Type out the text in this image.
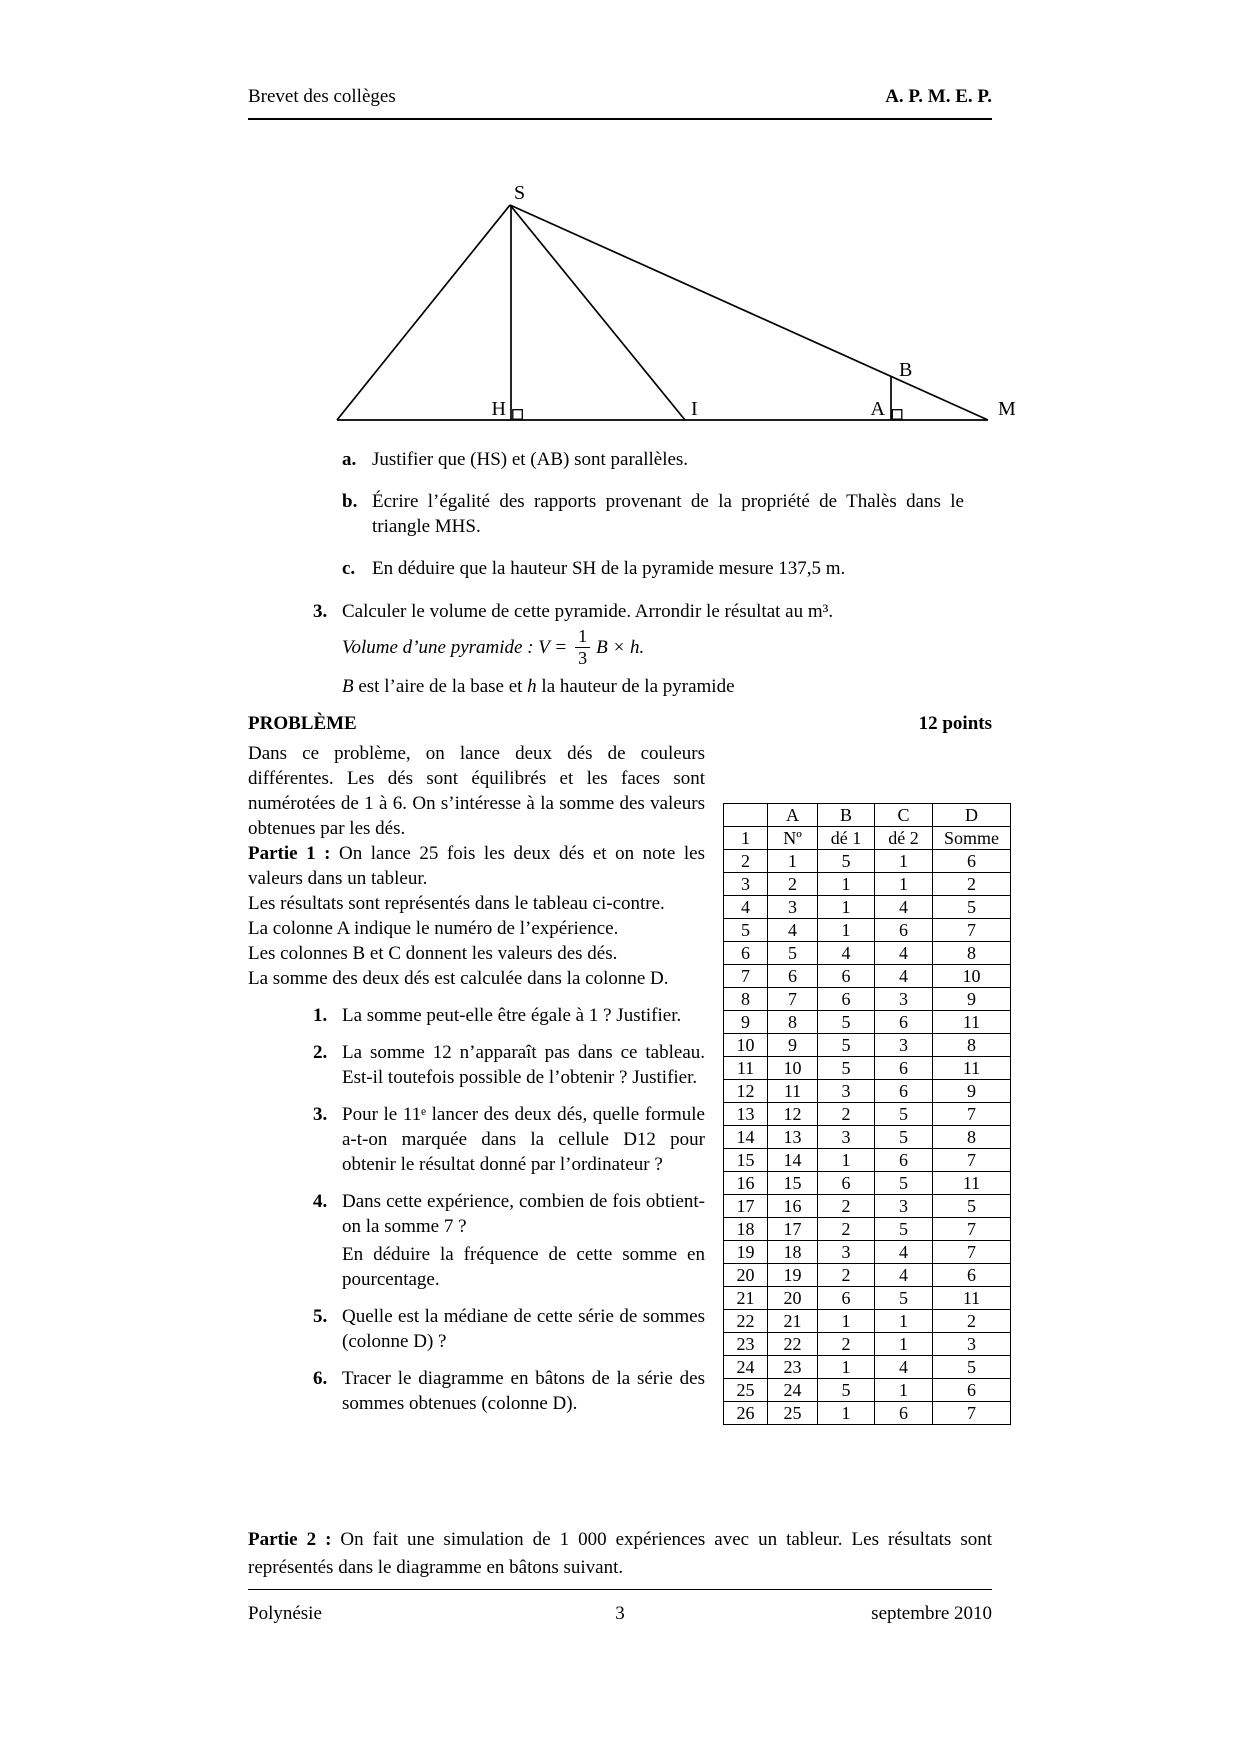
Brevet des collèges	A. P. M. E. P.
S
H	I	A
B
M
a. Justifier que (HS) et (AB) sont parallèles.
b. Écrire l’égalité des rapports provenant de la propriété de Thalès dans le triangle MHS.
c. En déduire que la hauteur SH de la pyramide mesure 137,5 m.
3. Calculer le volume de cette pyramide. Arrondir le résultat au m³.
Volume d’une pyramide : $V = \frac{1}{3}$ B × h.
B est l’aire de la base et h la hauteur de la pyramide
PROBLÈME	12 points

Dans ce problème, on lance deux dés de couleurs différentes. Les dés sont équilibrés et les faces sont numérotées de 1 à 6. On s’intéresse à la somme des valeurs obtenues par les dés.

Partie 1 : On lance 25 fois les deux dés et on note les valeurs dans un tableur.

Les résultats sont représentés dans le tableau ci-contre.

La colonne A indique le numéro de l’expérience.

Les colonnes B et C donnent les valeurs des dés.

La somme des deux dés est calculée dans la colonne D.

1. La somme peut-elle être égale à 1 ? Justifier.
2. La somme 12 n’apparaît pas dans ce tableau. Est-il toutefois possible de l’obtenir ? Justifier.
3. Pour le 11ᵉ lancer des deux dés, quelle formule a-t-on marquée dans la cellule D12 pour obtenir le résultat donné par l’ordinateur ?
4. Dans cette expérience, combien de fois obtient-on la somme 7 ?
En déduire la fréquence de cette somme en pourcentage.
5. Quelle est la médiane de cette série de sommes (colonne D) ?
6. Tracer le diagramme en bâtons de la série des sommes obtenues (colonne D).
	A	B	C	D
1	Nº	dé 1	dé 2	Somme
2	1	5	1	6
3	2	1	1	2
4	3	1	4	5
5	4	1	6	7
6	5	4	4	8
7	6	6	4	10
8	7	6	3	9
9	8	5	6	11
10	9	5	3	8
11	10	5	6	11
12	11	3	6	9
13	12	2	5	7
14	13	3	5	8
15	14	1	6	7
16	15	6	5	11
17	16	2	3	5
18	17	2	5	7
19	18	3	4	7
20	19	2	4	6
21	20	6	5	11
22	21	1	1	2
23	22	2	1	3
24	23	1	4	5
25	24	5	1	6
26	25	1	6	7
Partie 2 : On fait une simulation de 1 000 expériences avec un tableur. Les résultats sont représentés dans le diagramme en bâtons suivant.
Polynésie	3	septembre 2010
